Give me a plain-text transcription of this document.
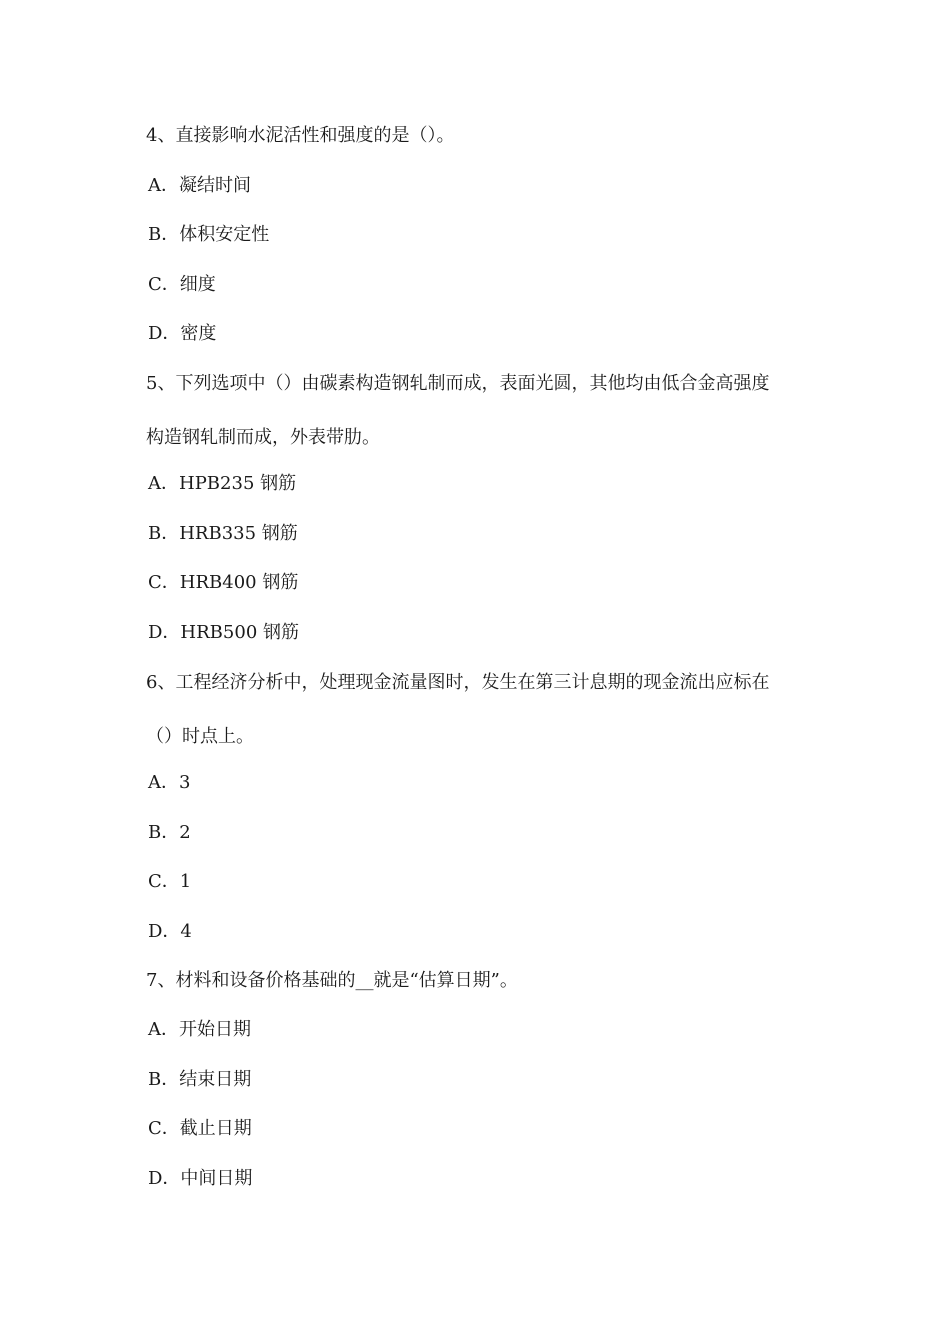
4、直接影响水泥活性和强度的是（）。
A．凝结时间
B．体积安定性
C．细度
D．密度
5、下列选项中（）由碳素构造钢轧制而成，表面光圆，其他均由低合金高强度
构造钢轧制而成，外表带肋。
A．HPB235 钢筋
B．HRB335 钢筋
C．HRB400 钢筋
D．HRB500 钢筋
6、工程经济分析中，处理现金流量图时，发生在第三计息期的现金流出应标在
（）时点上。
A．3
B．2
C．1
D．4
7、材料和设备价格基础的__就是“估算日期”。
A．开始日期
B．结束日期
C．截止日期
D．中间日期
